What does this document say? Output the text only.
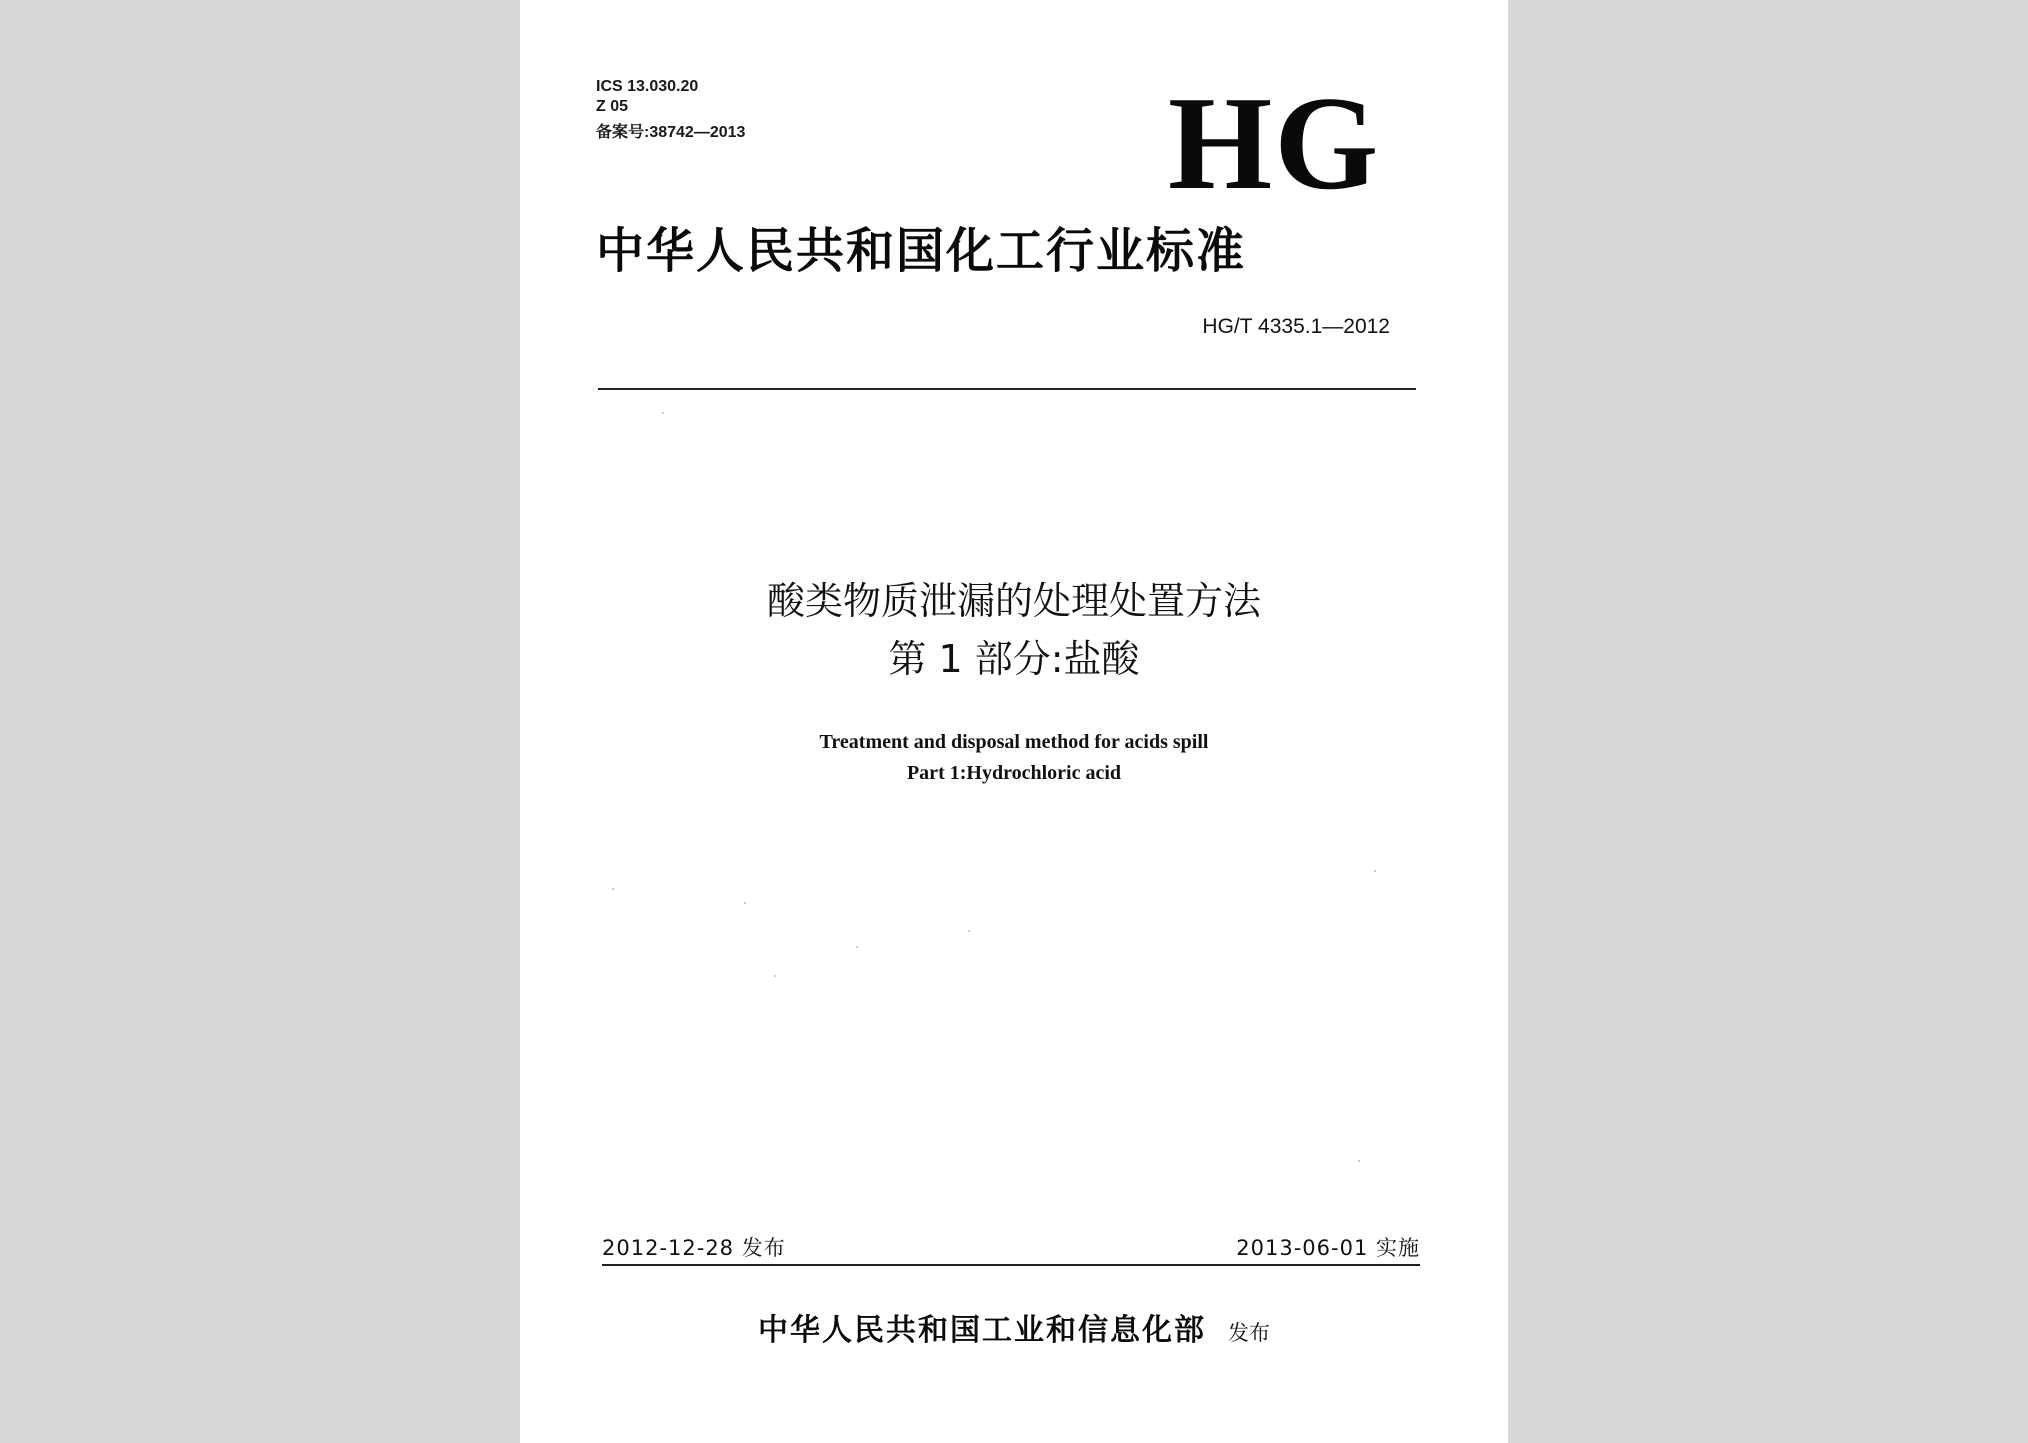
ICS 13.030.20
Z 05
备案号:38742—2013	HG
中华人民共和国化工行业标准
HG/T 4335.1—2012
酸类物质泄漏的处理处置方法
第 1 部分:盐酸
Treatment and disposal method for acids spill
Part 1:Hydrochloric acid
2012-12-28 发布	2013-06-01 实施
中华人民共和国工业和信息化部 发布
